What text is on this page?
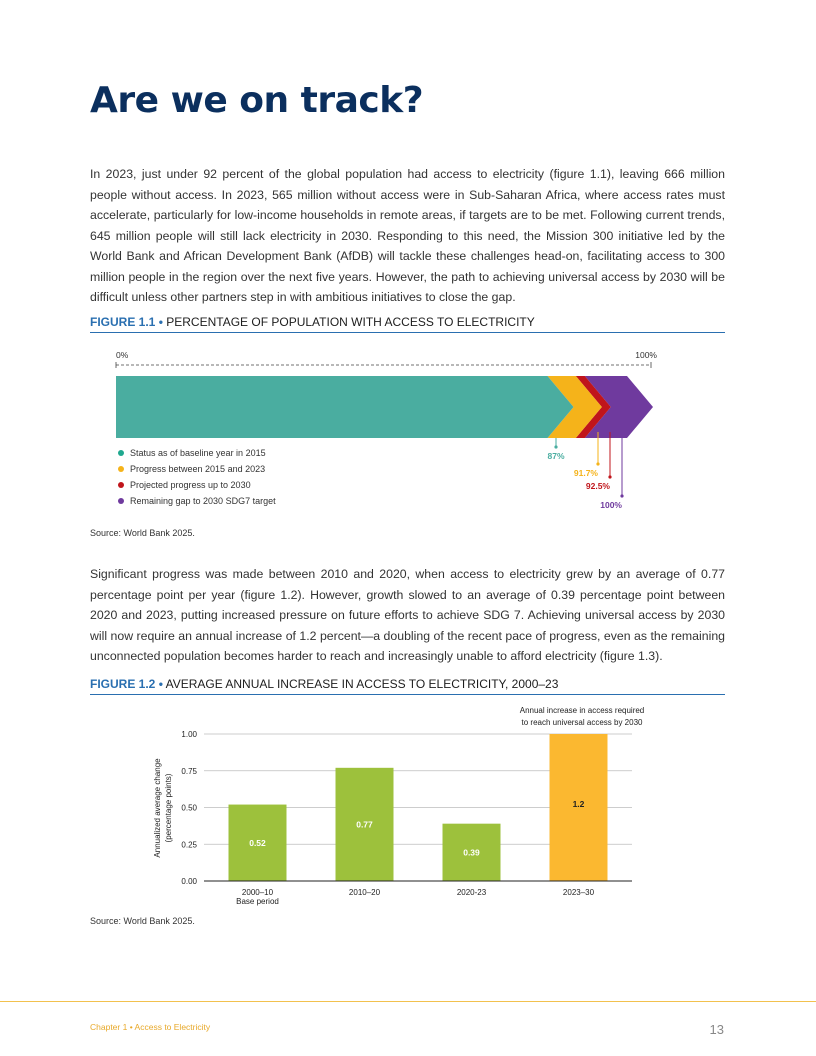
Are we on track?

In 2023, just under 92 percent of the global population had access to electricity (figure 1.1), leaving 666 million people without access. In 2023, 565 million without access were in Sub-Saharan Africa, where access rates must accelerate, particularly for low-income households in remote areas, if targets are to be met. Following current trends, 645 million people will still lack electricity in 2030. Responding to this need, the Mission 300 initiative led by the World Bank and African Development Bank (AfDB) will tackle these challenges head-on, facilitating access to 300 million people in the region over the next five years. However, the path to achieving universal access by 2030 will be difficult unless other partners step in with ambitious initiatives to close the gap.

FIGURE 1.1 • PERCENTAGE OF POPULATION WITH ACCESS TO ELECTRICITY
0%	100%
87%
91.7%
92.5%
100%
Status as of baseline year in 2015
Progress between 2015 and 2023
Projected progress up to 2030
Remaining gap to 2030 SDG7 target
Source: World Bank 2025.

Significant progress was made between 2010 and 2020, when access to electricity grew by an average of 0.77 percentage point per year (figure 1.2). However, growth slowed to an average of 0.39 percentage point between 2020 and 2023, putting increased pressure on future efforts to achieve SDG 7. Achieving universal access by 2030 will now require an annual increase of 1.2 percent—a doubling of the recent pace of progress, even as the remaining unconnected population becomes harder to reach and increasingly unable to afford electricity (figure 1.3).

FIGURE 1.2 • AVERAGE ANNUAL INCREASE IN ACCESS TO ELECTRICITY, 2000–23
Annual increase in access required
to reach universal access by 2030
0.00
0.25
0.50
0.75
1.00
Annualized average change (percentage points)
0.52
2000–10
Base period
0.77
2010–20
0.39
2020-23
1.2
2023–30
Source: World Bank 2025.
Chapter 1 • Access to Electricity	13
